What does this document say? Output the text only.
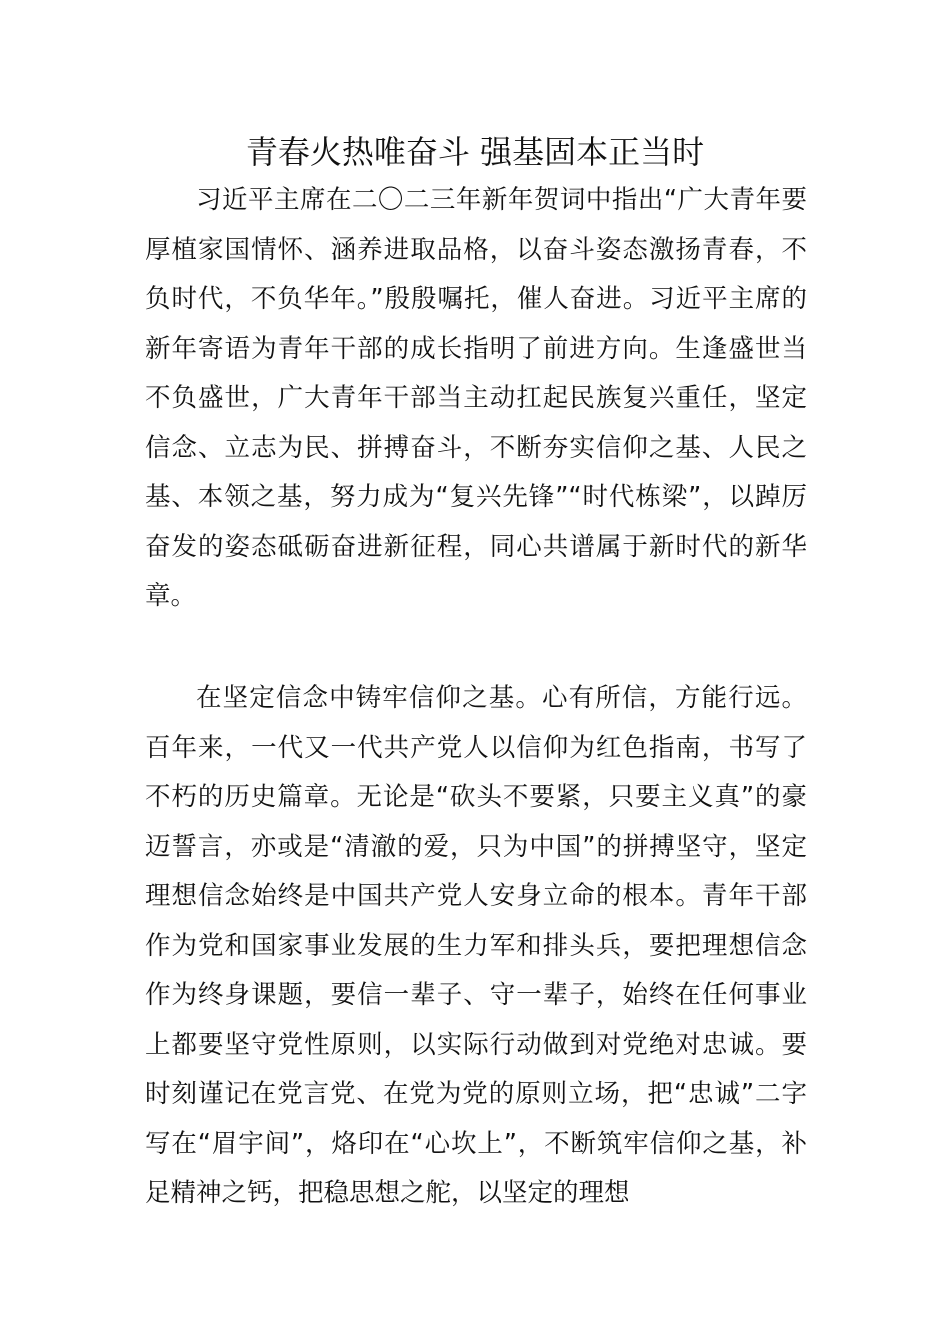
青春火热唯奋斗 强基固本正当时

习近平主席在二〇二三年新年贺词中指出“广大青年要厚植家国情怀、涵养进取品格，以奋斗姿态激扬青春，不负时代，不负华年。”殷殷嘱托，催人奋进。习近平主席的新年寄语为青年干部的成长指明了前进方向。生逢盛世当不负盛世，广大青年干部当主动扛起民族复兴重任，坚定信念、立志为民、拼搏奋斗，不断夯实信仰之基、人民之基、本领之基，努力成为“复兴先锋”“时代栋梁”，以踔厉奋发的姿态砥砺奋进新征程，同心共谱属于新时代的新华章。

在坚定信念中铸牢信仰之基。心有所信，方能行远。百年来，一代又一代共产党人以信仰为红色指南，书写了不朽的历史篇章。无论是“砍头不要紧，只要主义真”的豪迈誓言，亦或是“清澈的爱，只为中国”的拼搏坚守，坚定理想信念始终是中国共产党人安身立命的根本。青年干部作为党和国家事业发展的生力军和排头兵，要把理想信念作为终身课题，要信一辈子、守一辈子，始终在任何事业上都要坚守党性原则，以实际行动做到对党绝对忠诚。要时刻谨记在党言党、在党为党的原则立场，把“忠诚”二字写在“眉宇间”，烙印在“心坎上”，不断筑牢信仰之基，补足精神之钙，把稳思想之舵，以坚定的理想
